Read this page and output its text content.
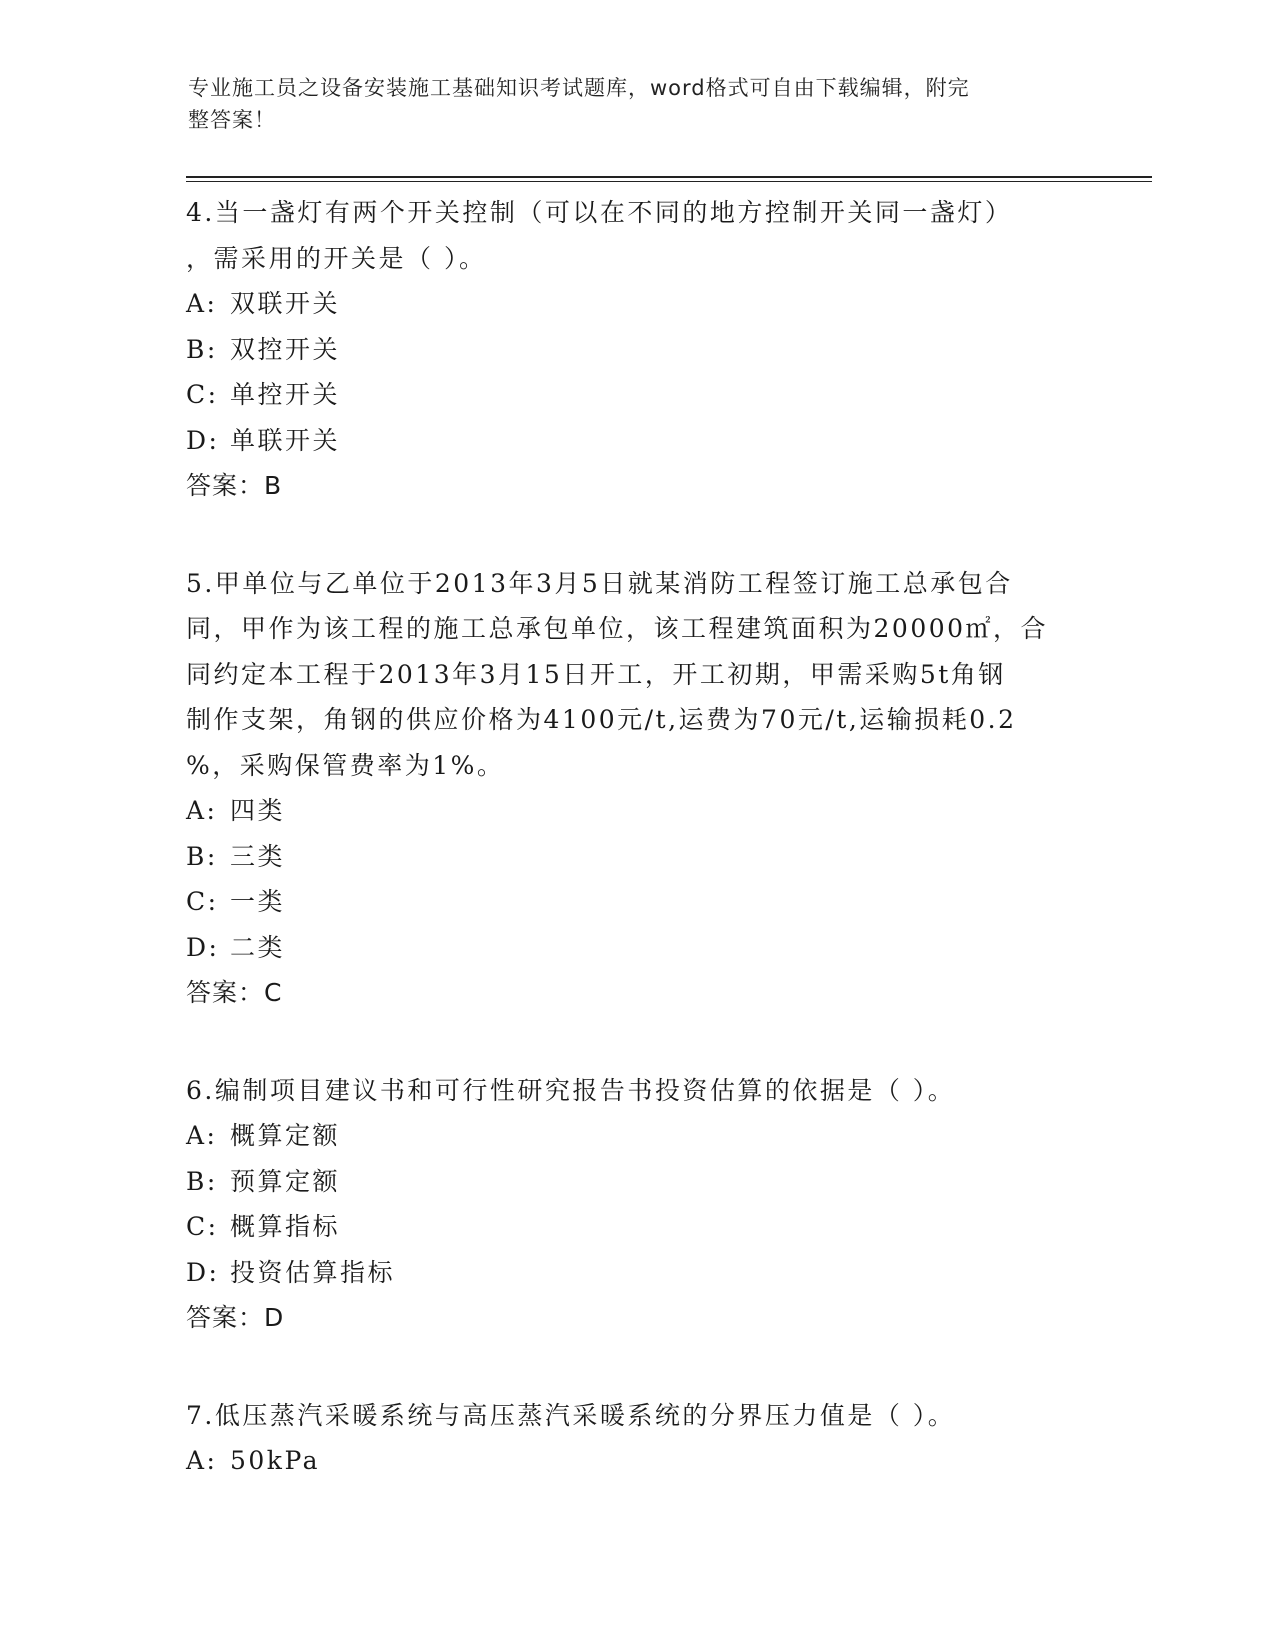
专业施工员之设备安装施工基础知识考试题库，word格式可自由下载编辑，附完
整答案！

4.当一盏灯有两个开关控制（可以在不同的地方控制开关同一盏灯）

，需采用的开关是（ ）。

A: 双联开关

B: 双控开关

C: 单控开关

D: 单联开关

答案：B

5.甲单位与乙单位于2013年3月5日就某消防工程签订施工总承包合

同，甲作为该工程的施工总承包单位，该工程建筑面积为20000㎡，合

同约定本工程于2013年3月15日开工，开工初期，甲需采购5t角钢

制作支架，角钢的供应价格为4100元/t,运费为70元/t,运输损耗0.2

%，采购保管费率为1%。

A: 四类

B: 三类

C: 一类

D: 二类

答案：C

6.编制项目建议书和可行性研究报告书投资估算的依据是（ ）。

A: 概算定额

B: 预算定额

C: 概算指标

D: 投资估算指标

答案：D

7.低压蒸汽采暖系统与高压蒸汽采暖系统的分界压力值是（ ）。

A: 50kPa
